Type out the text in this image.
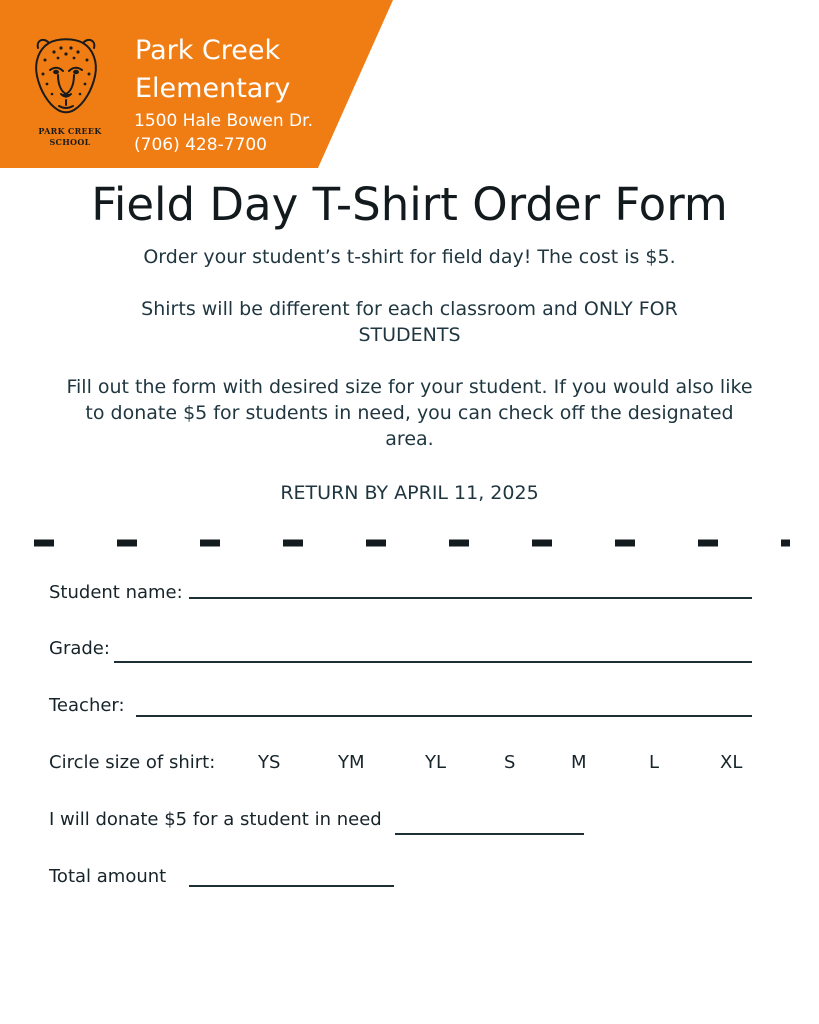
PARK CREEK
SCHOOL
Park Creek
Elementary
1500 Hale Bowen Dr.
(706) 428-7700
Field Day T-Shirt Order Form
Order your student’s t-shirt for field day! The cost is $5.
Shirts will be different for each classroom and ONLY FOR STUDENTS
Fill out the form with desired size for your student. If you would also like to donate $5 for students in need, you can check off the designated area.
RETURN BY APRIL 11, 2025
Student name:
Grade:
Teacher:
Circle size of shirt: YS	YM	YL	S	M	L	XL
I will donate $5 for a student in need
Total amount
